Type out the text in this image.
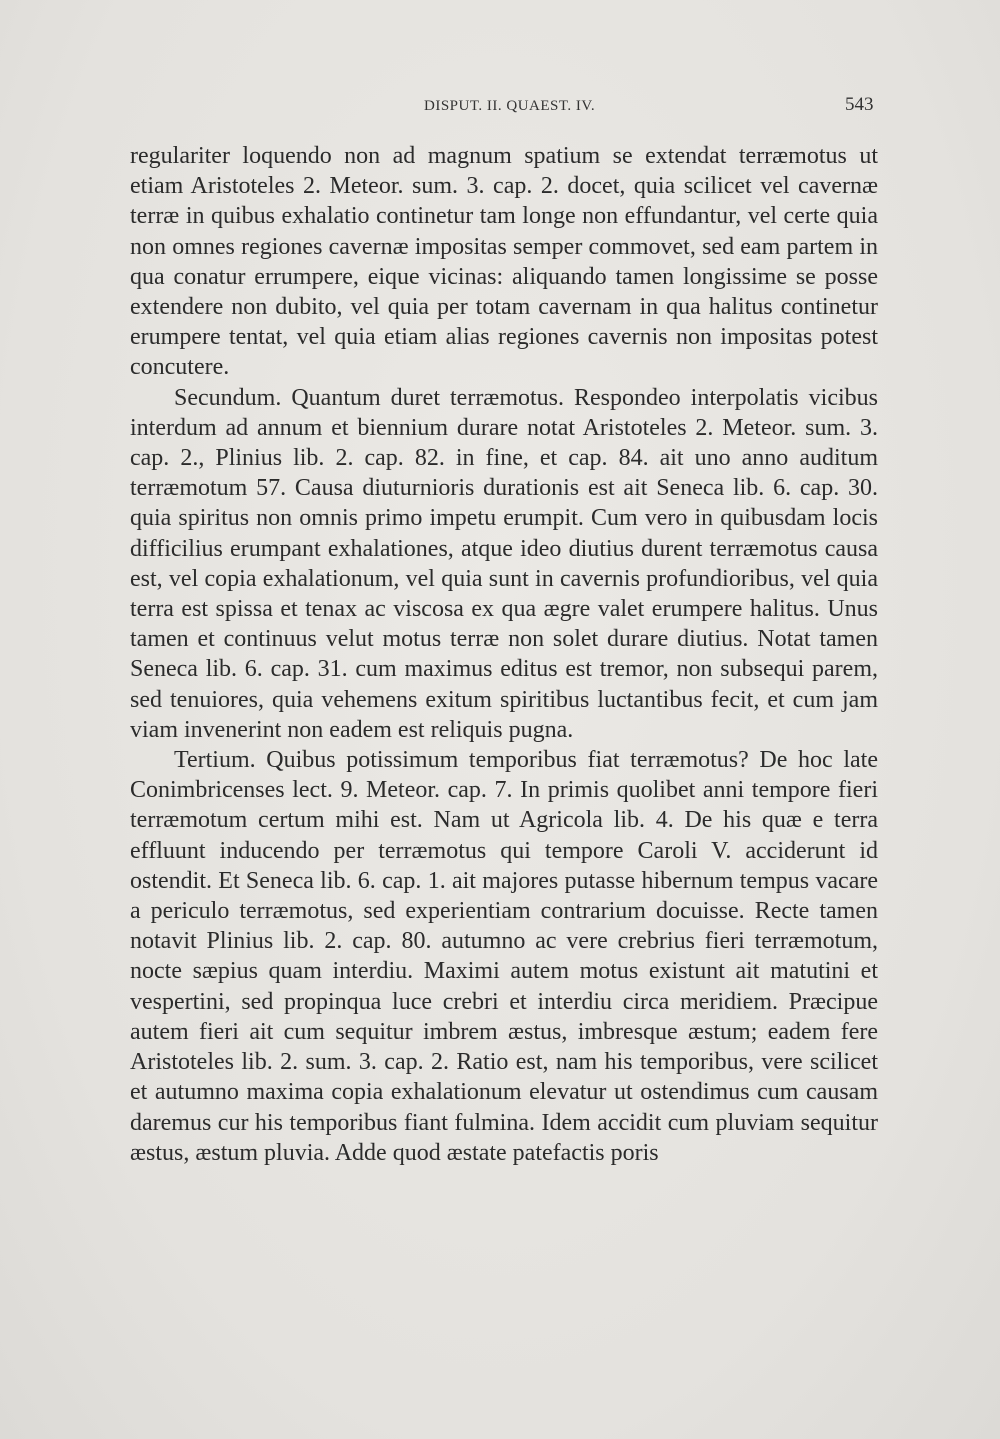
DISPUT. II. QUAEST. IV.	543

regulariter loquendo non ad magnum spatium se extendat terræmotus ut etiam Aristoteles 2. Meteor. sum. 3. cap. 2. docet, quia scilicet vel cavernæ terræ in quibus exhalatio continetur tam longe non effundantur, vel certe quia non omnes regiones cavernæ impositas semper commovet, sed eam partem in qua conatur errumpere, eique vicinas: aliquando tamen longissime se posse extendere non dubito, vel quia per totam cavernam in qua halitus continetur erumpere tentat, vel quia etiam alias regiones cavernis non impositas potest concutere.

Secundum. Quantum duret terræmotus. Respondeo interpolatis vicibus interdum ad annum et biennium durare notat Aristoteles 2. Meteor. sum. 3. cap. 2., Plinius lib. 2. cap. 82. in fine, et cap. 84. ait uno anno auditum terræmotum 57. Causa diuturnioris durationis est ait Seneca lib. 6. cap. 30. quia spiritus non omnis primo impetu erumpit. Cum vero in quibusdam locis difficilius erumpant exhalationes, atque ideo diutius durent terræmotus causa est, vel copia exhalationum, vel quia sunt in cavernis profundioribus, vel quia terra est spissa et tenax ac viscosa ex qua ægre valet erumpere halitus. Unus tamen et continuus velut motus terræ non solet durare diutius. Notat tamen Seneca lib. 6. cap. 31. cum maximus editus est tremor, non subsequi parem, sed tenuiores, quia vehemens exitum spiritibus luctantibus fecit, et cum jam viam invenerint non eadem est reliquis pugna.

Tertium. Quibus potissimum temporibus fiat terræmotus? De hoc late Conimbricenses lect. 9. Meteor. cap. 7. In primis quolibet anni tempore fieri terræmotum certum mihi est. Nam ut Agricola lib. 4. De his quæ e terra effluunt inducendo per terræmotus qui tempore Caroli V. acciderunt id ostendit. Et Seneca lib. 6. cap. 1. ait majores putasse hibernum tempus vacare a periculo terræmotus, sed experientiam contrarium docuisse. Recte tamen notavit Plinius lib. 2. cap. 80. autumno ac vere crebrius fieri terræmotum, nocte sæpius quam interdiu. Maximi autem motus existunt ait matutini et vespertini, sed propinqua luce crebri et interdiu circa meridiem. Præcipue autem fieri ait cum sequitur imbrem æstus, imbresque æstum; eadem fere Aristoteles lib. 2. sum. 3. cap. 2. Ratio est, nam his temporibus, vere scilicet et autumno maxima copia exhalationum elevatur ut ostendimus cum causam daremus cur his temporibus fiant fulmina. Idem accidit cum pluviam sequitur æstus, æstum pluvia. Adde quod æstate patefactis poris
